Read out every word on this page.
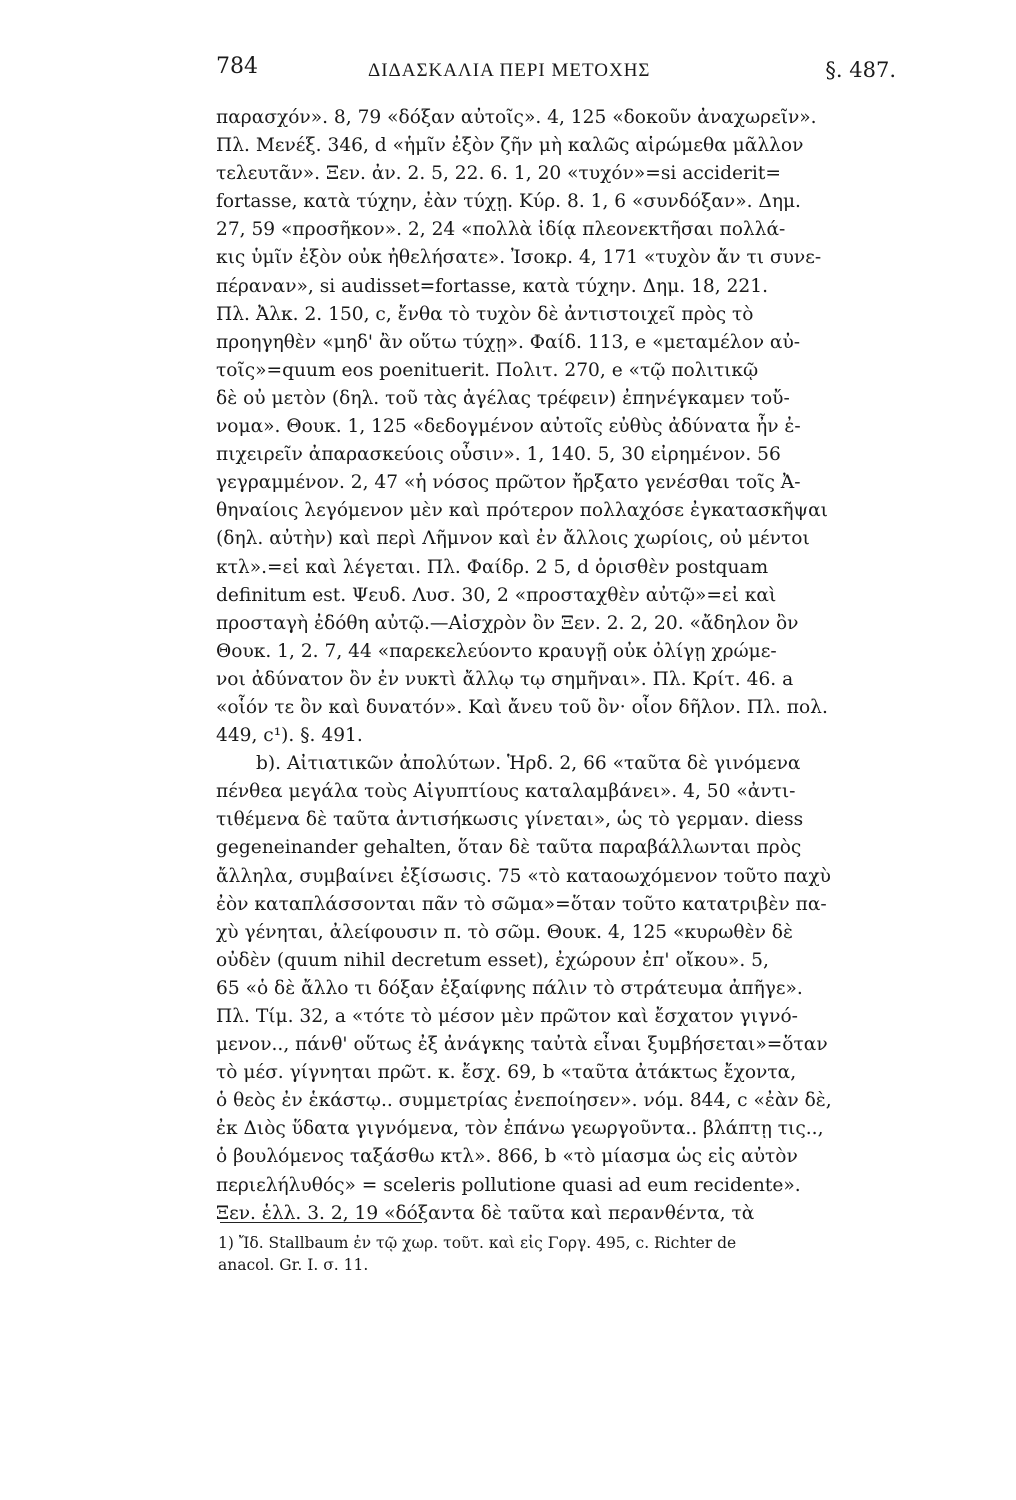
784	ΔΙΔΑΣΚΑΛΙΑ ΠΕΡΙ ΜΕΤΟΧΗΣ	§. 487.
παρασχόν». 8, 79 «δόξαν αὐτοῖς». 4, 125 «δοκοῦν ἀναχωρεῖν».
Πλ. Μενέξ. 346, d «ἡμῖν ἐξὸν ζῆν μὴ καλῶς αἱρώμεθα μᾶλλον
τελευτᾶν». Ξεν. ἀν. 2. 5, 22. 6. 1, 20 «τυχόν»=si acciderit=
fortasse, κατὰ τύχην, ἐὰν τύχῃ. Κύρ. 8. 1, 6 «συνδόξαν». Δημ.
27, 59 «προσῆκον». 2, 24 «πολλὰ ἰδίᾳ πλεονεκτῆσαι πολλά-
κις ὑμῖν ἐξὸν οὐκ ἠθελήσατε». Ἰσοκρ. 4, 171 «τυχὸν ἄν τι συνε-
πέραναν», si audisset=fortasse, κατὰ τύχην. Δημ. 18, 221.
Πλ. Ἀλκ. 2. 150, c, ἔνθα τὸ τυχὸν δὲ ἀντιστοιχεῖ πρὸς τὸ
προηγηθὲν «μηδ' ἂν οὕτω τύχῃ». Φαίδ. 113, e «μεταμέλον αὐ-
τοῖς»=quum eos poenituerit. Πολιτ. 270, e «τῷ πολιτικῷ
δὲ οὐ μετὸν (δηλ. τοῦ τὰς ἀγέλας τρέφειν) ἐπηνέγκαμεν τοὔ-
νομα». Θουκ. 1, 125 «δεδογμένον αὐτοῖς εὐθὺς ἀδύνατα ἦν ἐ-
πιχειρεῖν ἀπαρασκεύοις οὖσιν». 1, 140. 5, 30 εἰρημένον. 56
γεγραμμένον. 2, 47 «ἡ νόσος πρῶτον ἤρξατο γενέσθαι τοῖς Ἀ-
θηναίοις λεγόμενον μὲν καὶ πρότερον πολλαχόσε ἐγκατασκῆψαι
(δηλ. αὐτὴν) καὶ περὶ Λῆμνον καὶ ἐν ἄλλοις χωρίοις, οὐ μέντοι
κτλ».=εἰ καὶ λέγεται. Πλ. Φαίδρ. 2 5, d ὁρισθὲν postquam
definitum est. Ψευδ. Λυσ. 30, 2 «προσταχθὲν αὐτῷ»=εἰ καὶ
προσταγὴ ἐδόθη αὐτῷ.—Αἰσχρὸν ὂν Ξεν. 2. 2, 20. «ἄδηλον ὂν
Θουκ. 1, 2. 7, 44 «παρεκελεύοντο κραυγῇ οὐκ ὀλίγῃ χρώμε-
νοι ἀδύνατον ὂν ἐν νυκτὶ ἄλλῳ τῳ σημῆναι». Πλ. Κρίτ. 46. a
«οἷόν τε ὂν καὶ δυνατόν». Καὶ ἄνευ τοῦ ὂν· οἷον δῆλον. Πλ. πολ.
449, c¹). §. 491.
b). Αἰτιατικῶν ἀπολύτων. Ἡρδ. 2, 66 «ταῦτα δὲ γινόμενα
πένθεα μεγάλα τοὺς Αἰγυπτίους καταλαμβάνει». 4, 50 «ἀντι-
τιθέμενα δὲ ταῦτα ἀντισήκωσις γίνεται», ὡς τὸ γερμαν. diess
gegeneinander gehalten, ὅταν δὲ ταῦτα παραβάλλωνται πρὸς
ἄλληλα, συμβαίνει ἐξίσωσις. 75 «τὸ καταοωχόμενον τοῦτο παχὺ
ἐὸν καταπλάσσονται πᾶν τὸ σῶμα»=ὅταν τοῦτο κατατριβὲν πα-
χὺ γένηται, ἀλείφουσιν π. τὸ σῶμ. Θουκ. 4, 125 «κυρωθὲν δὲ
οὐδὲν (quum nihil decretum esset), ἐχώρουν ἐπ' οἴκου». 5,
65 «ὁ δὲ ἄλλο τι δόξαν ἐξαίφνης πάλιν τὸ στράτευμα ἀπῆγε».
Πλ. Τίμ. 32, a «τότε τὸ μέσον μὲν πρῶτον καὶ ἔσχατον γιγνό-
μενον.., πάνθ' οὕτως ἐξ ἀνάγκης ταὐτὰ εἶναι ξυμβήσεται»=ὅταν
τὸ μέσ. γίγνηται πρῶτ. κ. ἔσχ. 69, b «ταῦτα ἀτάκτως ἔχοντα,
ὁ θεὸς ἐν ἑκάστῳ.. συμμετρίας ἐνεποίησεν». νόμ. 844, c «ἐὰν δὲ,
ἐκ Διὸς ὕδατα γιγνόμενα, τὸν ἐπάνω γεωργοῦντα.. βλάπτῃ τις..,
ὁ βουλόμενος ταξάσθω κτλ». 866, b «τὸ μίασμα ὡς εἰς αὐτὸν
περιελήλυθός» = sceleris pollutione quasi ad eum recidente».
Ξεν. ἑλλ. 3. 2, 19 «δόξαντα δὲ ταῦτα καὶ περανθέντα, τὰ
1) Ἴδ. Stallbaum ἐν τῷ χωρ. τοῦτ. καὶ εἰς Γοργ. 495, c. Richter de
anacol. Gr. I. σ. 11.
